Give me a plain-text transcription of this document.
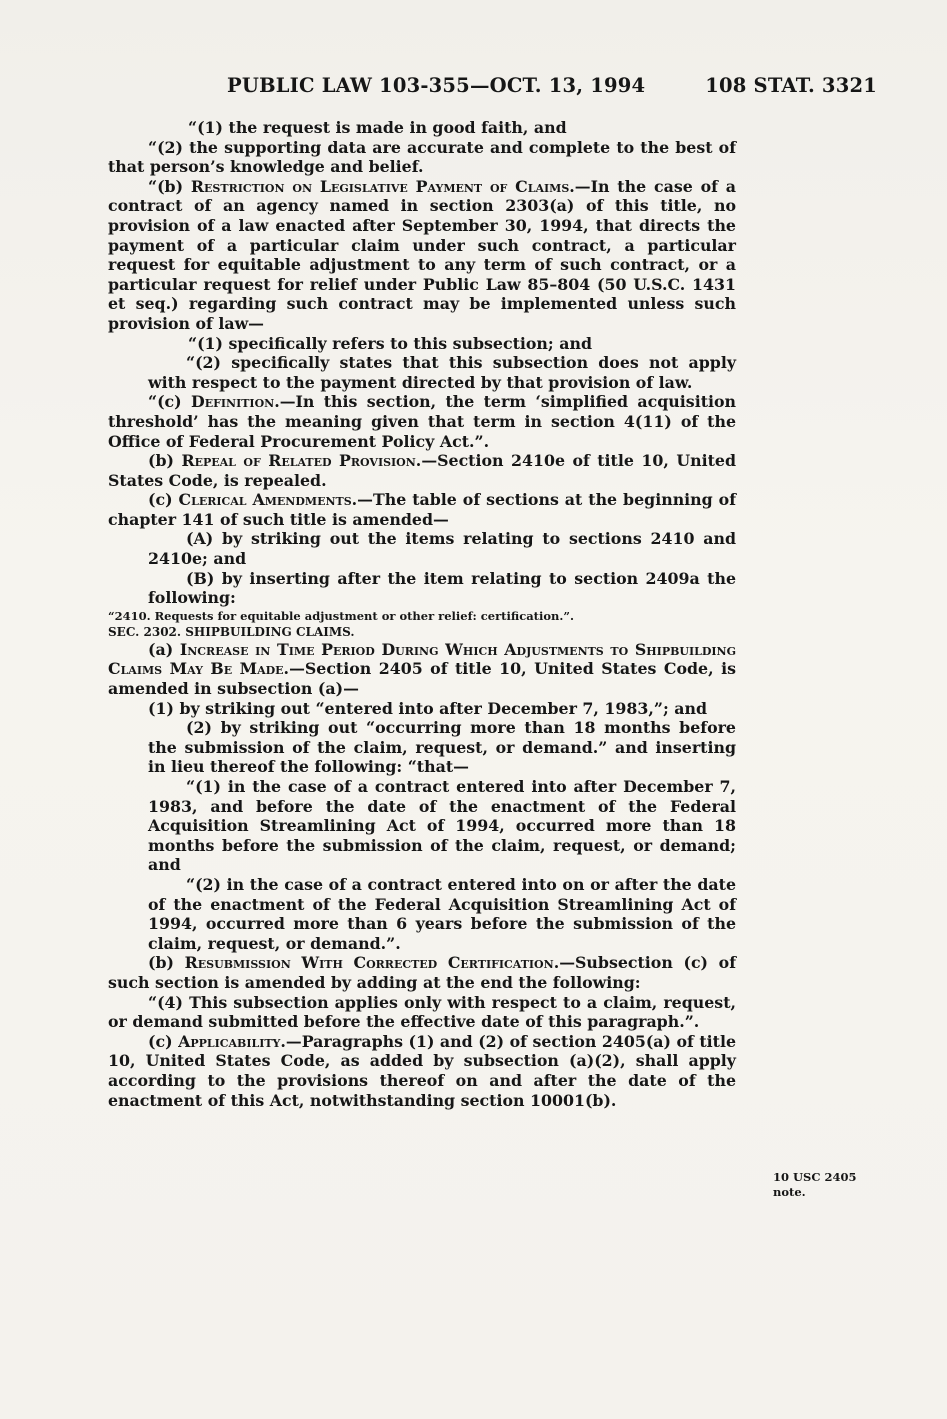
PUBLIC LAW 103-355—OCT. 13, 1994	108 STAT. 3321

“(1) the request is made in good faith, and

“(2) the supporting data are accurate and complete to the best of that person’s knowledge and belief.

“(b) Restriction on Legislative Payment of Claims.—In the case of a contract of an agency named in section 2303(a) of this title, no provision of a law enacted after September 30, 1994, that directs the payment of a particular claim under such contract, a particular request for equitable adjustment to any term of such contract, or a particular request for relief under Public Law 85–804 (50 U.S.C. 1431 et seq.) regarding such contract may be implemented unless such provision of law—

“(1) specifically refers to this subsection; and

“(2) specifically states that this subsection does not apply with respect to the payment directed by that provision of law.

“(c) Definition.—In this section, the term ‘simplified acquisition threshold’ has the meaning given that term in section 4(11) of the Office of Federal Procurement Policy Act.”.

(b) Repeal of Related Provision.—Section 2410e of title 10, United States Code, is repealed.

(c) Clerical Amendments.—The table of sections at the beginning of chapter 141 of such title is amended—

(A) by striking out the items relating to sections 2410 and 2410e; and

(B) by inserting after the item relating to section 2409a the following:

“2410. Requests for equitable adjustment or other relief: certification.”.

SEC. 2302. SHIPBUILDING CLAIMS.

(a) Increase in Time Period During Which Adjustments to Shipbuilding Claims May Be Made.—Section 2405 of title 10, United States Code, is amended in subsection (a)—

(1) by striking out “entered into after December 7, 1983,”; and

(2) by striking out “occurring more than 18 months before the submission of the claim, request, or demand.” and inserting in lieu thereof the following: “that—

“(1) in the case of a contract entered into after December 7, 1983, and before the date of the enactment of the Federal Acquisition Streamlining Act of 1994, occurred more than 18 months before the submission of the claim, request, or demand; and

“(2) in the case of a contract entered into on or after the date of the enactment of the Federal Acquisition Streamlining Act of 1994, occurred more than 6 years before the submission of the claim, request, or demand.”.

(b) Resubmission With Corrected Certification.—Subsection (c) of such section is amended by adding at the end the following:

“(4) This subsection applies only with respect to a claim, request, or demand submitted before the effective date of this paragraph.”.

(c) Applicability.—Paragraphs (1) and (2) of section 2405(a) of title 10, United States Code, as added by subsection (a)(2), shall apply according to the provisions thereof on and after the date of the enactment of this Act, notwithstanding section 10001(b).

10 USC 2405
note.
